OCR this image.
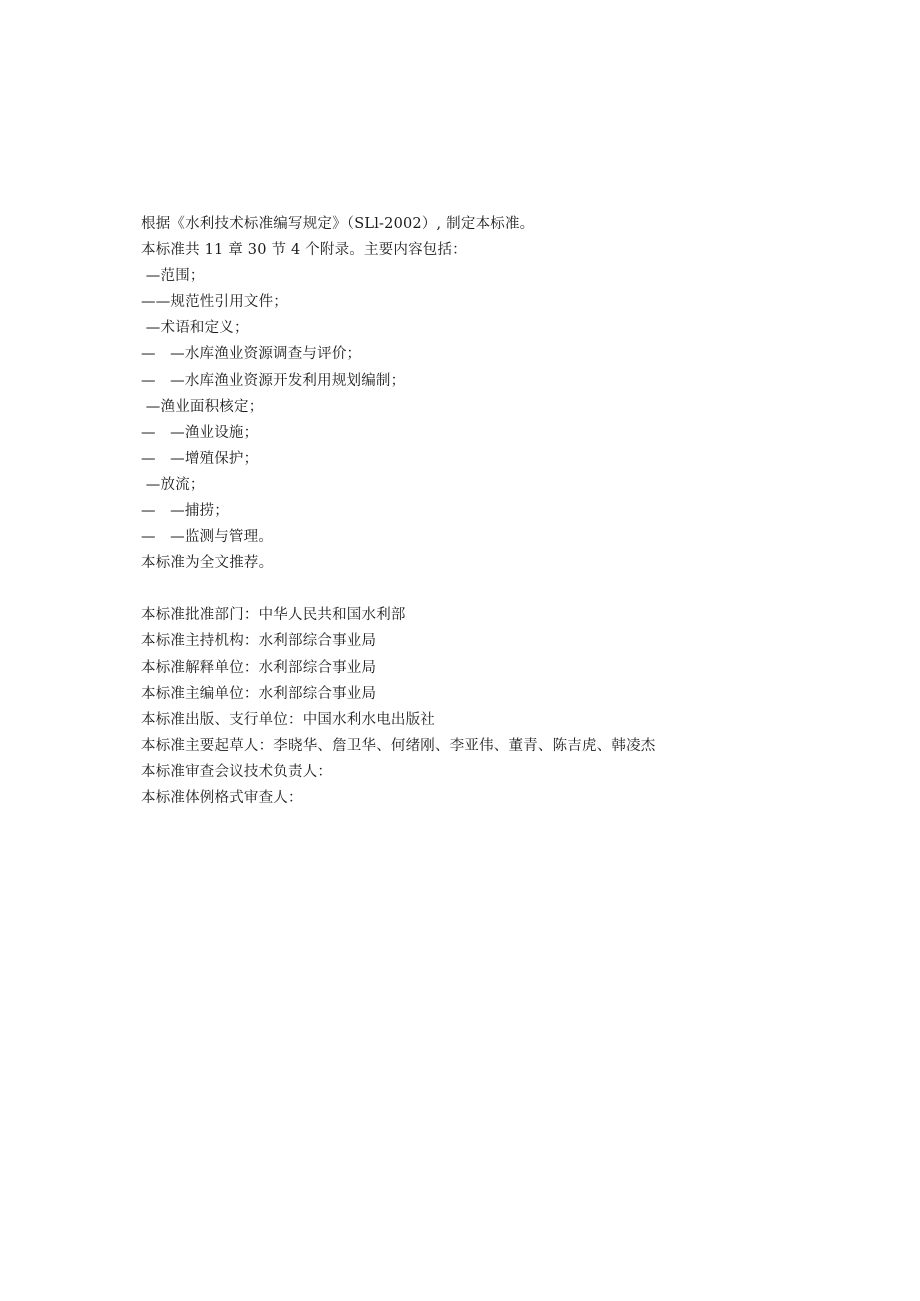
根据《水利技术标准编写规定》（SLl-2002）, 制定本标准。
本标准共 11 章 30 节 4 个附录。主要内容包括：
—范围；
——规范性引用文件；
—术语和定义；
—   —水库渔业资源调查与评价；
—   —水库渔业资源开发利用规划编制；
—渔业面积核定；
—   —渔业设施；
—   —增殖保护；
—放流；
—   —捕捞；
—   —监测与管理。
本标准为全文推荐。
本标准批准部门：中华人民共和国水利部
本标准主持机构：水利部综合事业局
本标准解释单位：水利部综合事业局
本标准主编单位：水利部综合事业局
本标准出版、支行单位：中国水利水电出版社
本标准主要起草人：李晓华、詹卫华、何绪刚、李亚伟、董青、陈吉虎、韩凌杰
本标准审查会议技术负责人：
本标准体例格式审查人：
